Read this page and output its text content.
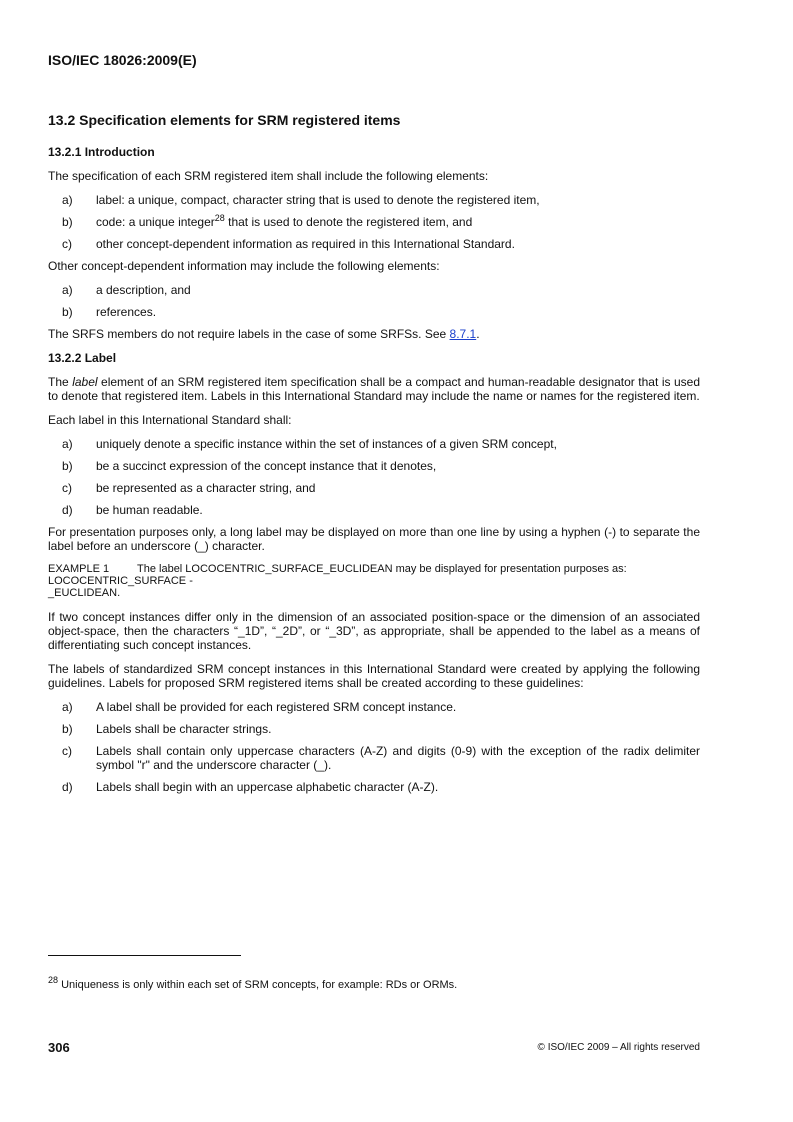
ISO/IEC 18026:2009(E)
13.2 Specification elements for SRM registered items
13.2.1 Introduction

The specification of each SRM registered item shall include the following elements:

a) label: a unique, compact, character string that is used to denote the registered item,
b) code: a unique integer$^{28}$ that is used to denote the registered item, and
c) other concept-dependent information as required in this International Standard.

Other concept-dependent information may include the following elements:

a) a description, and
b) references.

The SRFS members do not require labels in the case of some SRFSs. See 8.7.1.

13.2.2 Label

The label element of an SRM registered item specification shall be a compact and human-readable designator that is used to denote that registered item. Labels in this International Standard may include the name or names for the registered item.

Each label in this International Standard shall:

a) uniquely denote a specific instance within the set of instances of a given SRM concept,
b) be a succinct expression of the concept instance that it denotes,
c) be represented as a character string, and
d) be human readable.

For presentation purposes only, a long label may be displayed on more than one line by using a hyphen (-) to separate the label before an underscore (_) character.

EXAMPLE 1	The label LOCOCENTRIC_SURFACE_EUCLIDEAN may be displayed for presentation purposes as:
LOCOCENTRIC_SURFACE -
_EUCLIDEAN.

If two concept instances differ only in the dimension of an associated position-space or the dimension of an associated object-space, then the characters “_1D”, “_2D”, or “_3D”, as appropriate, shall be appended to the label as a means of differentiating such concept instances.

The labels of standardized SRM concept instances in this International Standard were created by applying the following guidelines. Labels for proposed SRM registered items shall be created according to these guidelines:

a) A label shall be provided for each registered SRM concept instance.
b) Labels shall be character strings.
c) Labels shall contain only uppercase characters (A-Z) and digits (0-9) with the exception of the radix delimiter symbol "r" and the underscore character (_).
d) Labels shall begin with an uppercase alphabetic character (A-Z).
$^{28}$ Uniqueness is only within each set of SRM concepts, for example: RDs or ORMs.
306	© ISO/IEC 2009 – All rights reserved
